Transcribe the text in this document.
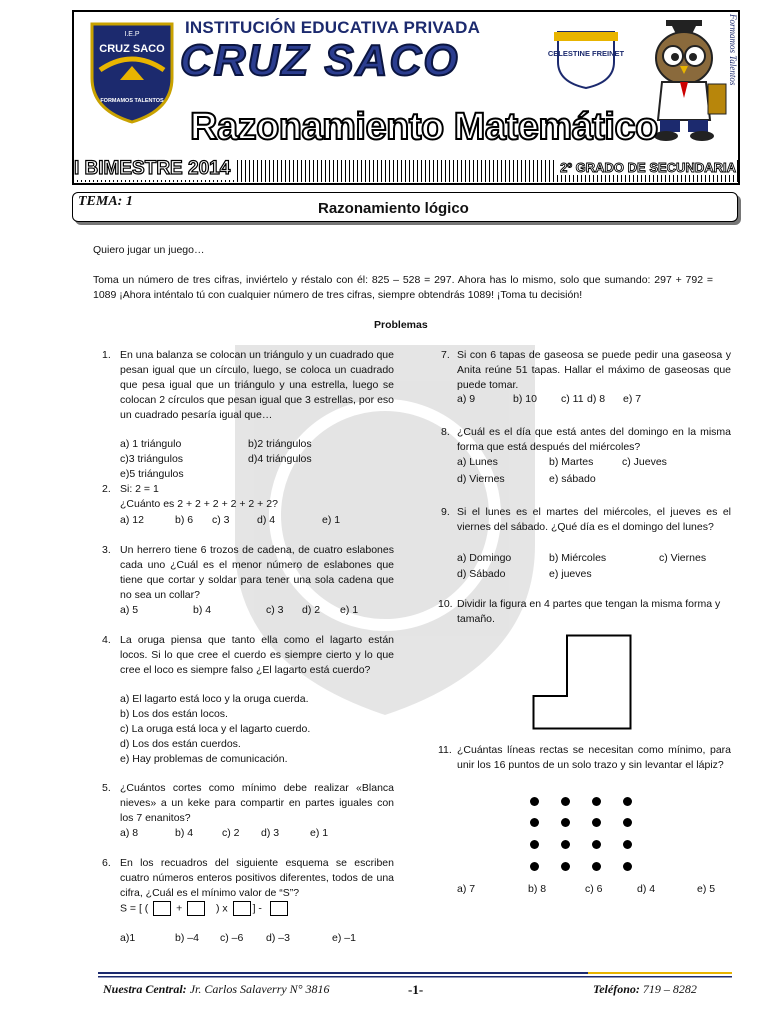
I.E.P
CRUZ SACO
FORMAMOS TALENTOS
INSTITUCIÓN EDUCATIVA PRIVADA
CRUZ SACO	CELESTINE FREINET	Formamos Talentos
Razonamiento Matemático
I BIMESTRE 2014	2º GRADO DE SECUNDARIA
TEMA: 1	Razonamiento lógico
Quiero jugar un juego…
Toma un número de tres cifras, inviértelo y réstalo con él: 825 – 528 = 297. Ahora has lo mismo, solo que sumando: 297 + 792 = 1089 ¡Ahora inténtalo tú con cualquier número de tres cifras, siempre obtendrás 1089! ¡Toma tu decisión!
Problemas
1. En una balanza se colocan un triángulo y un cuadrado que pesan igual que un círculo, luego, se coloca un cuadrado que pesa igual que un triángulo y una estrella, luego se colocan 2 círculos que pesan igual que 3 estrellas, por eso un cuadrado pesaría igual que…
a) 1 triángulo	b)2 triángulos
c)3 triángulos	d)4 triángulos
e)5 triángulos
2. Si: 2 = 1
¿Cuánto es 2 + 2 + 2 + 2 + 2 + 2?
a) 12	b) 6 c) 3	d) 4	e) 1
3. Un herrero tiene 6 trozos de cadena, de cuatro eslabones cada uno ¿Cuál es el menor número de eslabones que tiene que cortar y soldar para tener una sola cadena que no sea un collar?
a) 5	b) 4	c) 3 d) 2 e) 1
4. La oruga piensa que tanto ella como el lagarto están locos. Si lo que cree el cuerdo es siempre cierto y lo que cree el loco es siempre falso ¿El lagarto está cuerdo?
a) El lagarto está loco y la oruga cuerda.
b) Los dos están locos.
c) La oruga está loca y el lagarto cuerdo.
d) Los dos están cuerdos.
e) Hay problemas de comunicación.
5. ¿Cuántos cortes como mínimo debe realizar «Blanca nieves» a un keke para compartir en partes iguales con los 7 enanitos?
a) 8	b) 4	c) 2 d) 3	e) 1
6. En los recuadros del siguiente esquema se escriben cuatro números enteros positivos diferentes, todos de una cifra, ¿Cuál es el mínimo valor de “S”?
S = [ (	+	) x ] -
a)1	b) –4 c) –6 d) –3	e) –1
7. Si con 6 tapas de gaseosa se puede pedir una gaseosa y Anita reúne 51 tapas. Hallar el máximo de gaseosas que puede tomar.
a) 9	b) 10 c) 11 d) 8 e) 7
8. ¿Cuál es el día que está antes del domingo en la misma forma que está después del miércoles?
a) Lunes	b) Martes	c) Jueves
d) Viernes	e) sábado
9. Si el lunes es el martes del miércoles, el jueves es el viernes del sábado. ¿Qué día es el domingo del lunes?
a) Domingo	b) Miércoles	c) Viernes
d) Sábado	e) jueves
10. Dividir la figura en 4 partes que tengan la misma forma y tamaño.
11. ¿Cuántas líneas rectas se necesitan como mínimo, para unir los 16 puntos de un solo trazo y sin levantar el lápiz?
a) 7	b) 8	c) 6	d) 4	e) 5
Nuestra Central: Jr. Carlos Salaverry N° 3816	-1-	Teléfono: 719 – 8282
